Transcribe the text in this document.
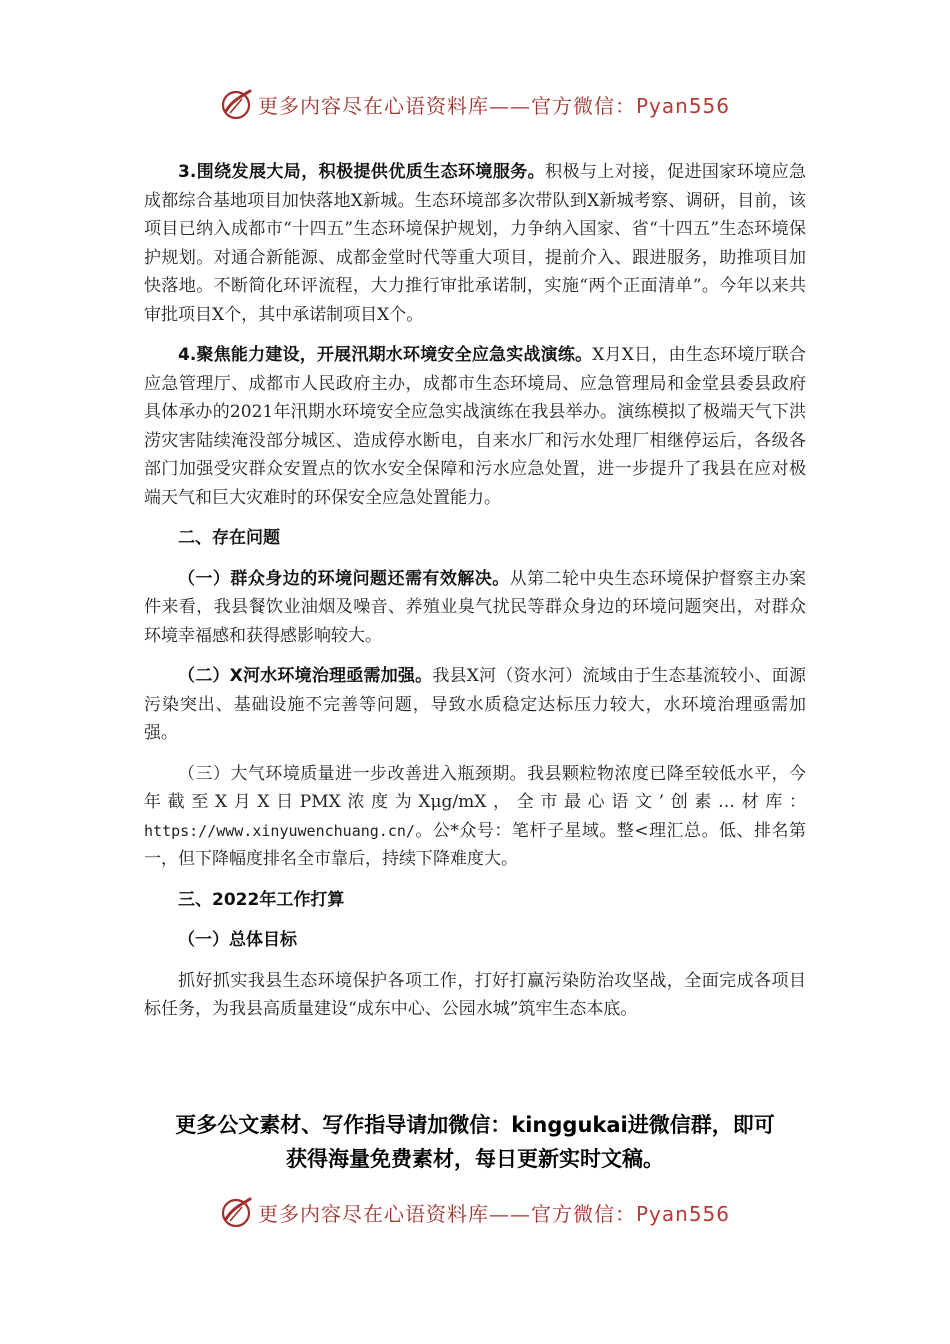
更多内容尽在心语资料库——官方微信：Pyan556

3.围绕发展大局，积极提供优质生态环境服务。积极与上对接，促进国家环境应急成都综合基地项目加快落地X新城。生态环境部多次带队到X新城考察、调研，目前，该项目已纳入成都市“十四五”生态环境保护规划，力争纳入国家、省“十四五”生态环境保护规划。对通合新能源、成都金堂时代等重大项目，提前介入、跟进服务，助推项目加快落地。不断简化环评流程，大力推行审批承诺制，实施“两个正面清单”。今年以来共审批项目X个，其中承诺制项目X个。

4.聚焦能力建设，开展汛期水环境安全应急实战演练。X月X日，由生态环境厅联合应急管理厅、成都市人民政府主办，成都市生态环境局、应急管理局和金堂县委县政府具体承办的2021年汛期水环境安全应急实战演练在我县举办。演练模拟了极端天气下洪涝灾害陆续淹没部分城区、造成停水断电，自来水厂和污水处理厂相继停运后，各级各部门加强受灾群众安置点的饮水安全保障和污水应急处置，进一步提升了我县在应对极端天气和巨大灾难时的环保安全应急处置能力。

二、存在问题

（一）群众身边的环境问题还需有效解决。从第二轮中央生态环境保护督察主办案件来看，我县餐饮业油烟及噪音、养殖业臭气扰民等群众身边的环境问题突出，对群众环境幸福感和获得感影响较大。

（二）X河水环境治理亟需加强。我县X河（资水河）流域由于生态基流较小、面源污染突出、基础设施不完善等问题，导致水质稳定达标压力较大，水环境治理亟需加强。

（三）大气环境质量进一步改善进入瓶颈期。我县颗粒物浓度已降至较低水平，今年截至X月X日PMX浓度为Xμg/mX，全市最心语文’创素…材库：https://www.xinyuwenchuang.cn/。公*众号：笔杆子星域。整<理汇总。低、排名第一，但下降幅度排名全市靠后，持续下降难度大。

三、2022年工作打算
（一）总体目标

抓好抓实我县生态环境保护各项工作，打好打赢污染防治攻坚战，全面完成各项目标任务，为我县高质量建设“成东中心、公园水城”筑牢生态本底。

更多公文素材、写作指导请加微信：kinggukai进微信群，即可
获得海量免费素材，每日更新实时文稿。
更多内容尽在心语资料库——官方微信：Pyan556
